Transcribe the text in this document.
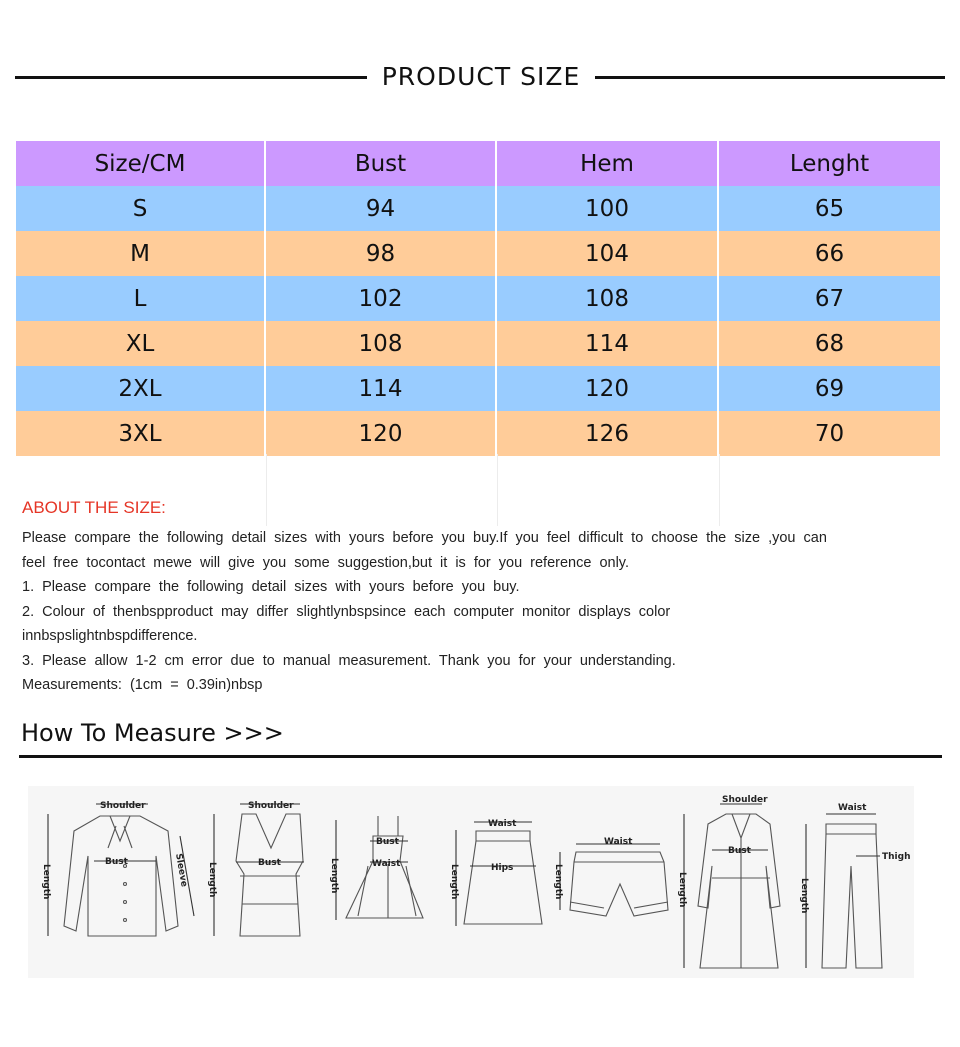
PRODUCT SIZE
Size/CM	Bust	Hem	Lenght
S	94	100	65
M	98	104	66
L	102	108	67
XL	108	114	68
2XL	114	120	69
3XL	120	126	70
ABOUT THE SIZE:

Please compare the following detail sizes with yours before you buy.If you feel difficult to choose the size ,you can

feel free tocontact mewe will give you some suggestion,but it is for you reference only.

1. Please compare the following detail sizes with yours before you buy.

2. Colour of thenbspproduct may differ slightlynbspsince each computer monitor displays color

innbspslightnbspdifference.

3. Please allow 1-2 cm error due to manual measurement. Thank you for your understanding.

Measurements: (1cm = 0.39in)nbsp

How To Measure >>>
Shoulder
Bust	Sleeve
Length
Shoulder
Bust
Length
Bust
Waist
Length
Waist
Hips
Length
Waist
Length
Shoulder
Bust
Length
Waist
Thigh
Length
